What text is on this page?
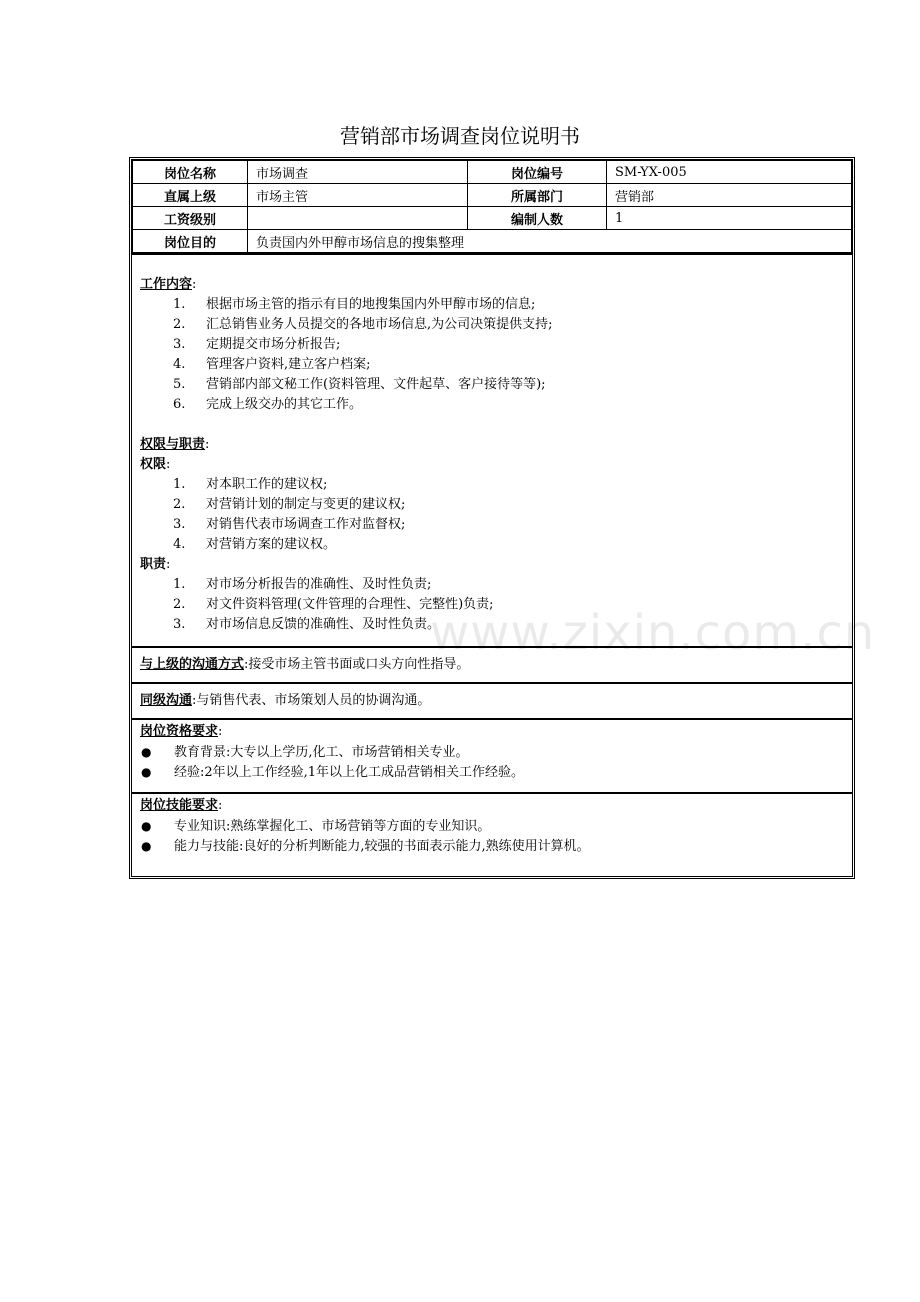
营销部市场调查岗位说明书
岗位名称	市场调查	岗位编号	SM-YX-005
直属上级	市场主管	所属部门	营销部
工资级别		编制人数	1
岗位目的	负责国内外甲醇市场信息的搜集整理		
工作内容:
1. 根据市场主管的指示有目的地搜集国内外甲醇市场的信息;
2. 汇总销售业务人员提交的各地市场信息,为公司决策提供支持;
3. 定期提交市场分析报告;
4. 管理客户资料,建立客户档案;
5. 营销部内部文秘工作(资料管理、文件起草、客户接待等等);
6. 完成上级交办的其它工作。
权限与职责:
权限:
1. 对本职工作的建议权;
2. 对营销计划的制定与变更的建议权;
3. 对销售代表市场调查工作对监督权;
4. 对营销方案的建议权。
职责:
1. 对市场分析报告的准确性、及时性负责;
2. 对文件资料管理(文件管理的合理性、完整性)负责;
3. 对市场信息反馈的准确性、及时性负责。
与上级的沟通方式:接受市场主管书面或口头方向性指导。
同级沟通:与销售代表、市场策划人员的协调沟通。
岗位资格要求:
● 教育背景:大专以上学历,化工、市场营销相关专业。
● 经验:2年以上工作经验,1年以上化工成品营销相关工作经验。
岗位技能要求:
● 专业知识:熟练掌握化工、市场营销等方面的专业知识。
● 能力与技能:良好的分析判断能力,较强的书面表示能力,熟练使用计算机。
www.zixin.com.cn
